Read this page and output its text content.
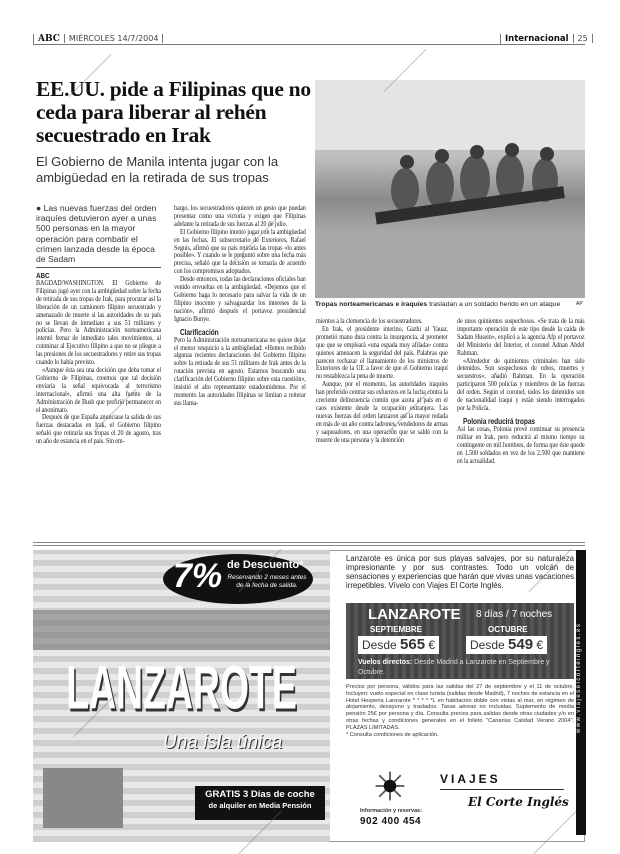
ABC MIÉRCOLES 14/7/2004	Internacional 25
EE.UU. pide a Filipinas que no ceda para liberar al rehén secuestrado en Irak
El Gobierno de Manila intenta jugar con la ambigüedad en la retirada de sus tropas
● Las nuevas fuerzas del orden iraquíes detuvieron ayer a unas 500 personas en la mayor operación para combatir el crimen lanzada desde la época de Sadam
ABC

BAGDAD/WASHINGTON. El Gobierno de Filipinas jugó ayer con la ambigüedad sobre la fecha de retirada de sus tropas de Irak, para procurar así la liberación de un camionero filipino secuestrado y amenazado de muerte si las autoridades de su país no se llevan de inmediato a sus 51 militares y policías. Pero la Administración norteamericana intentó frenar de inmediato tales movimientos, al conminar al Ejecutivo filipino a que no se pliegue a las presiones de los secuestradores y retire sus tropas cuando lo había previsto.

«Aunque ésta sea una decisión que deba tomar el Gobierno de Filipinas, creemos que tal decisión enviaría la señal equivocada al terrorismo internacional», afirmó una alta fuente de la Administración de Bush que prefirió permanecer en el anonimato.

Después de que España anunciase la salida de sus fuerzas destacadas en Irak, el Gobierno filipino señaló que retiraría sus tropas el 20 de agosto, tras un año de estancia en el país. Sin em-

bargo, los secuestradores quieren un gesto que puedan presentar como una victoria y exigen que Filipinas adelante la retirada de sus fuerzas al 20 de julio.

El Gobierno filipino intentó jugar con la ambigüedad en las fechas. El subsecretario de Exteriores, Rafael Seguis, afirmó que su país retiraría las tropas «lo antes posible». Y cuando se le preguntó sobre una fecha más precisa, señaló que la decisión se tomaría de acuerdo con los compromisos adoptados.

Desde entonces, todas las declaraciones oficiales han venido envueltas en la ambigüedad. «Dejemos que el Gobierno haga lo necesario para salvar la vida de un filipino inocente y salvaguardar los intereses de la nación», afirmó después el portavoz presidencial Ignacio Bunye.

Clarificación

Pero la Administración norteamericana no quiere dejar el menor resquicio a la ambigüedad: «Hemos recibido algunas recientes declaraciones del Gobierno filipino sobre la retirada de sus 51 militares de Irak antes de la rotación prevista en agosto. Estamos buscando una clarificación del Gobierno filipino sobre esta cuestión», insistió el alto representante estadounidense. Por el momento las autoridades filipinas se limitan a reiterar sus llama-

Tropas norteamericanas e iraquíes trasladan a un soldado herido en un ataque	AP

mientos a la clemencia de los secuestradores.

En Irak, el presidente interino, Gazhi al Yauar, prometió mano dura contra la insurgencia, al prometer que que se empleará «una espada muy afilada» contra quienes amenacen la seguridad del país. Palabras que parecen rechazar el llamamiento de los ministros de Exteriores de la UE a favor de que el Gobierno iraquí no restablezca la pena de muerte.

Aunque, por el momento, las autoridades iraquíes han preferido centrar sus esfuerzos en la lucha contra la creciente delincuencia común que azota al país en el caos existente desde la ocupación extranjera. Las nuevas fuerzas del orden lanzaron así la mayor redada en más de un año contra ladrones, vendedores de armas y saqueadores, en una operación que se saldó con la muerte de una persona y la detención

de unos quinientos sospechosos. «Se trata de la más importante operación de este tipo desde la caída de Sadam Husein», explicó a la agencia Afp el portavoz del Ministerio del Interior, el coronel Adnan Abdel Rahman.

«Alrededor de quinientos criminales han sido detenidos. Son sospechosos de robos, muertes y secuestros», añadió Rahman. En la operación participaron 500 policías y miembros de las fuerzas del orden. Según el coronel, todos los detenidos son de nacionalidad iraquí y están siendo interrogados por la Policía.

Polonia reducirá tropas

Así las cosas, Polonia prevé continuar su presencia militar en Irak, pero reducirá al mismo tiempo su contingente en mil hombres, de forma que éste quede en 1.500 soldados en vez de los 2.500 que mantiene en la actualidad.

7% de Descuento*
Reservando 2 meses antes de la fecha de salida.
LANZAROTE
Una isla única
GRATIS 3 Días de coche
de alquiler en Media Pensión
Lanzarote es única por sus playas salvajes, por su naturaleza impresionante y por sus contrastes. Todo un volcán de sensaciones y experiencias que harán que vivas unas vacaciones irrepetibles. Vívelo con Viajes El Corte Inglés.
LANZAROTE 8 días / 7 noches
SEPTIEMBRE	OCTUBRE
Desde 565 €	Desde 549 €
Vuelos directos: Desde Madrid a Lanzarote en Septiembre y Octubre.
Precios por persona, válidos para las salidas del 27 de septiembre y el 11 de octubre. Incluyen: vuelo especial en clase turista (salidas desde Madrid), 7 noches de estancia en el Hotel Hesperia Lanzarote * * * * *L en habitación doble con vistas al mar, en régimen de alojamiento, desayuno y traslados. Tasas aéreas no incluidas. Suplemento de media pensión 25€ por persona y día. Consulta precios para salidas desde otras ciudades y/o en otras fechas y condiciones generales en el folleto "Canarias Calidad Verano 2004". PLAZAS LIMITADAS.
* Consulta condiciones de aplicación.
Información y reservas:
902 400 454
VIAJES
El Corte Inglés
www.viajeselcorteingles.es
